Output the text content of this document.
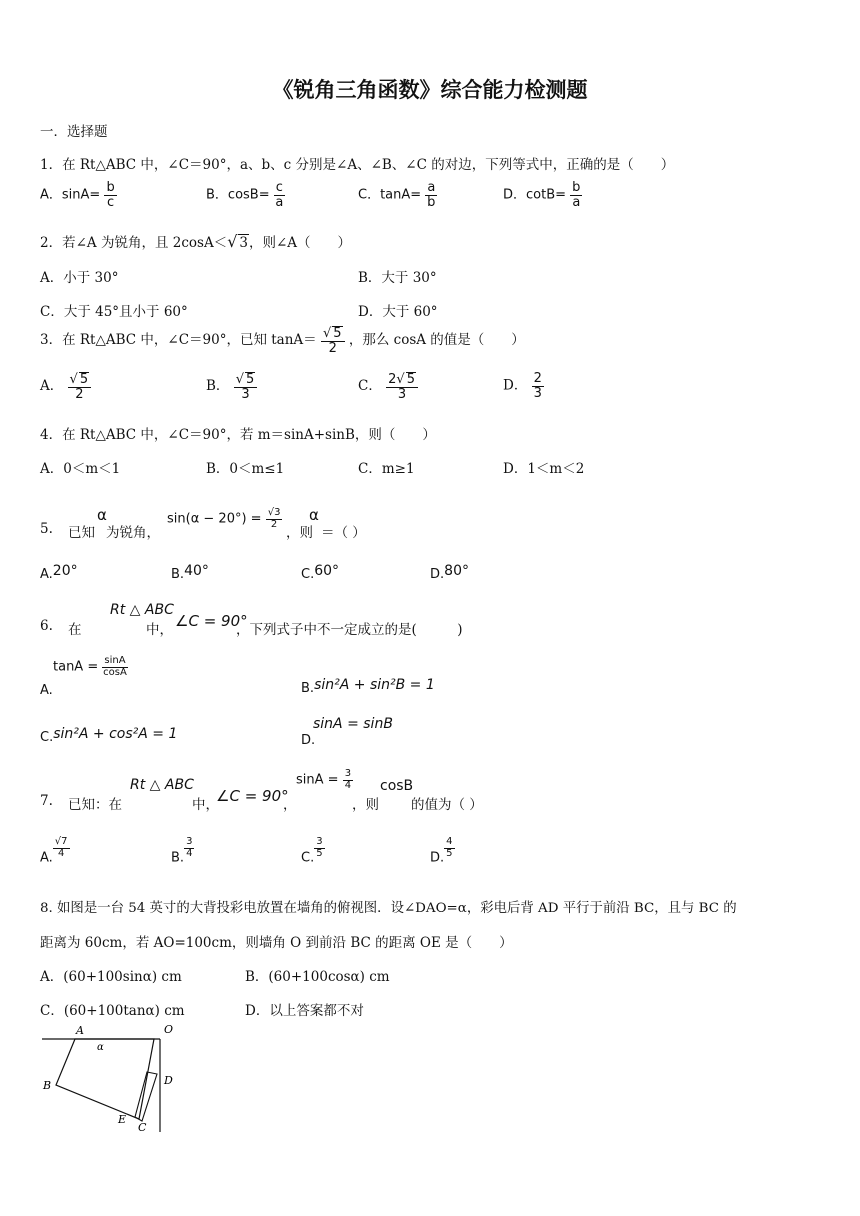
《锐角三角函数》综合能力检测题
一．选择题
1．在 Rt△ABC 中，∠C＝90°，a、b、c 分别是∠A、∠B、∠C 的对边，下列等式中，正确的是（　　）
A．$\sin A= \frac{b}{c}$	B．$\cos B= \frac{c}{a}$	C．$\tan A= \frac{a}{b}$	D．$\cot B= \frac{b}{a}$
2．若∠A 为锐角，且 2cosA＜√ 3，则∠A（　　）
A．小于 30°	B．大于 30°
C．大于 45°且小于 60°	D．大于 60°
3．在 Rt△ABC 中，∠C＝90°，已知 $\tan A= \frac{√ 5}{2}$ ，那么 cosA 的值是（　　）
A． $\frac{√ 5}{2}$	B． $\frac{√ 5}{3}$	C． $\frac{2√ 5}{3}$	D． $\frac{2}{3}$
4．在 Rt△ABC 中，∠C＝90°，若 m＝sinA+sinB，则（　　）
A．0＜m＜1	B．0＜m≤1	C．m≥1	D．1＜m＜2
5. 已知
α
为锐角，
$\sin(\alpha - 20^\circ) = \frac{√3}{2}$
，则
α
＝（ ）
A.20°	B.40°	C.60°	D.80°
6. 在
Rt △ ABC
中， ∠C = 90°
，下列式子中不一定成立的是(　　　)
$\tan A = \frac{\sin A}{\cos A}$
A.	B.sin²A + sin²B = 1
C.sin²A + cos²A = 1
sinA = sinB
D.
7. 已知：在
Rt △ ABC
中，
∠C = 90°
，
$\sin A = \frac{3}{4}$
，则
cosB
的值为（ ）
A. $\frac{√7}{4}$	B. $\frac{3}{4}$	C. $\frac{3}{5}$	D. $\frac{4}{5}$
8. 如图是一台 54 英寸的大背投彩电放置在墙角的俯视图．设∠DAO=α，彩电后背 AD 平行于前沿 BC，且与 BC 的
距离为 60cm，若 AO=100cm，则墙角 O 到前沿 BC 的距离 OE 是（　　）
A．(60+100sinα) cm	B．(60+100cosα) cm
C．(60+100tanα) cm	D．以上答案都不对
A	O
α
B	D
E
C
